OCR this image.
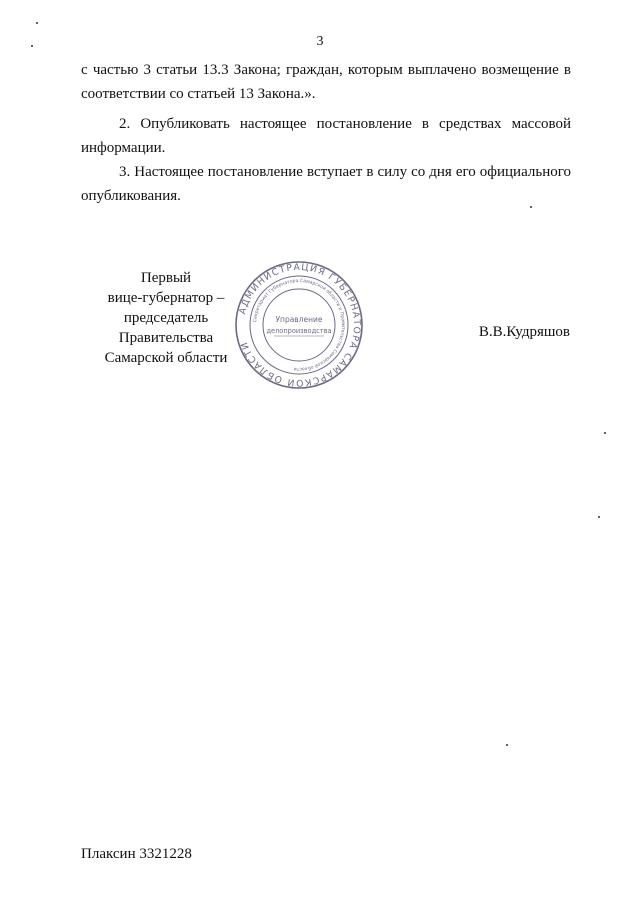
3
с частью 3 статьи 13.3 Закона; граждан, которым выплачено возмещение в соответствии со статьей 13 Закона.».
2. Опубликовать настоящее постановление в средствах массовой информации.
3. Настоящее постановление вступает в силу со дня его официального опубликования.
Первый
вице-губернатор –
председатель Правительства
Самарской области
АДМИНИСТРАЦИЯ ГУБЕРНАТОРА САМАРСКОЙ ОБЛАСТИ
Секретариат Губернатора Самарской области и Правительства Самарской области
Управление
делопроизводства	В.В.Кудряшов
Плаксин 3321228
